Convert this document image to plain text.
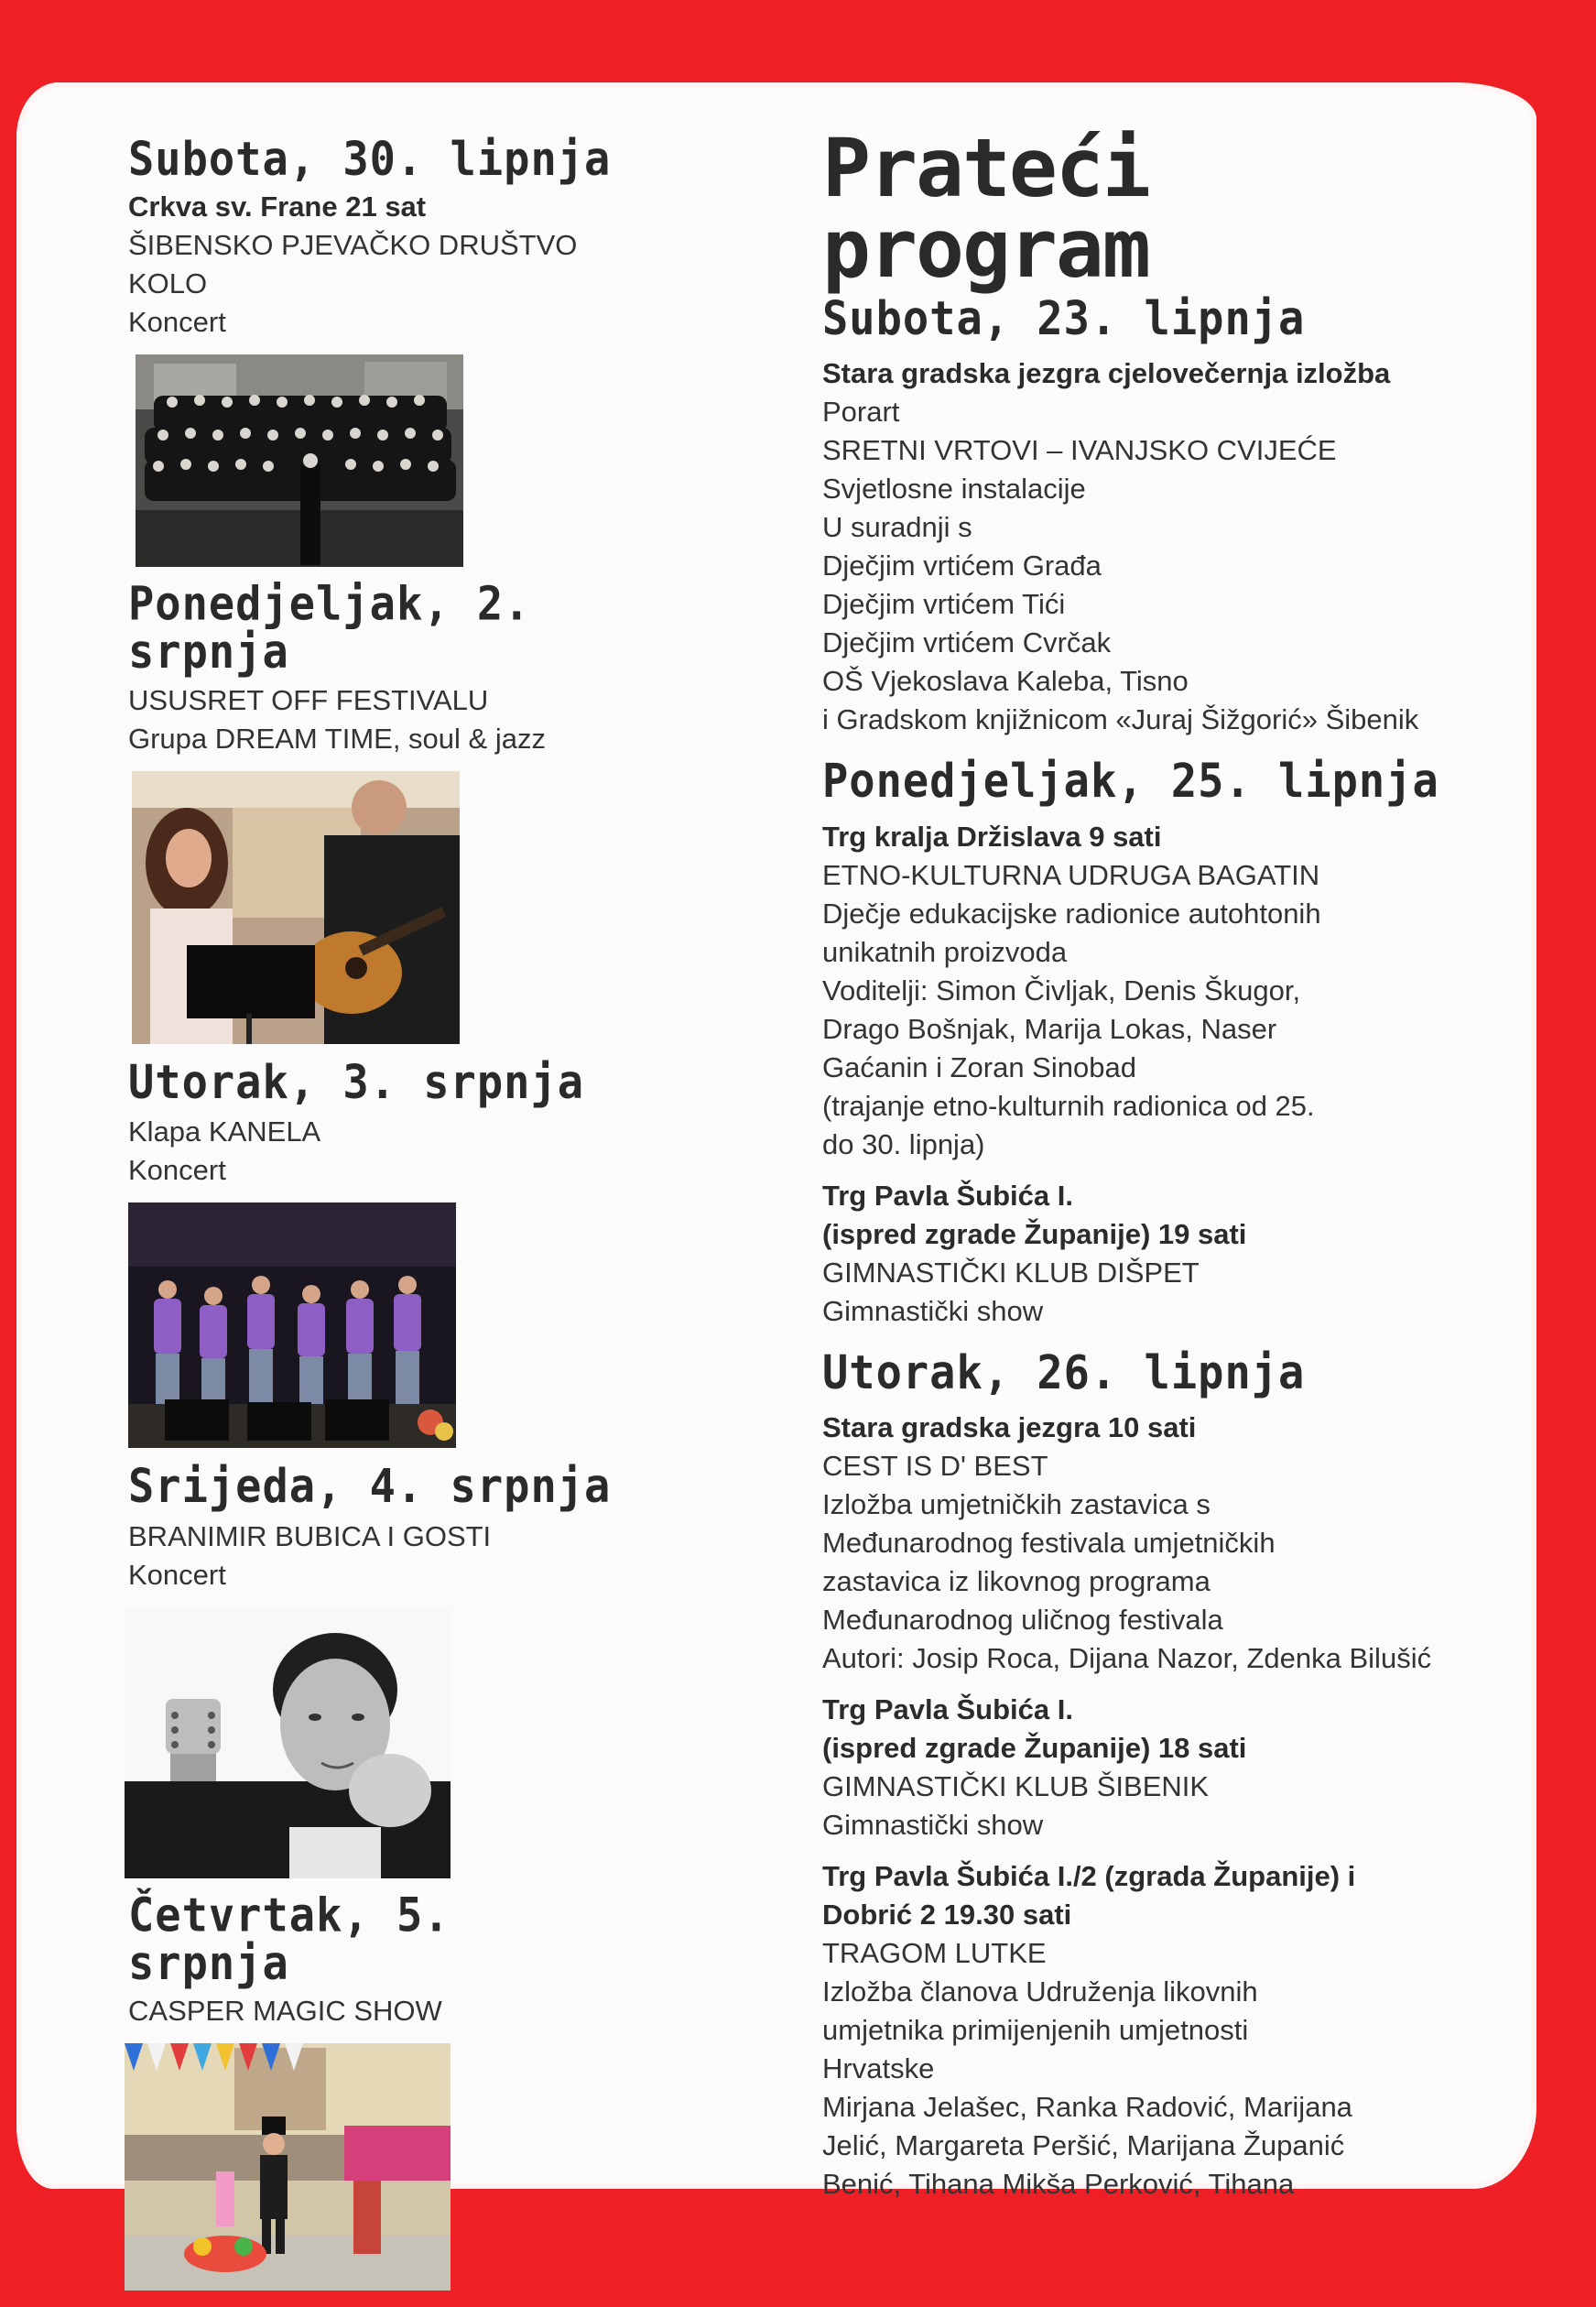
Subota, 30. lipnja

Crkva sv. Frane 21 sat

ŠIBENSKO PJEVAČKO DRUŠTVO KOLO

Koncert

Ponedjeljak, 2. srpnja

USUSRET OFF FESTIVALU

Grupa DREAM TIME, soul & jazz

Utorak, 3. srpnja

Klapa KANELA

Koncert

Srijeda, 4. srpnja

BRANIMIR BUBICA I GOSTI

Koncert

Četvrtak, 5. srpnja

CASPER MAGIC SHOW

Prateći program
Subota, 23. lipnja

Stara gradska jezgra cjelovečernja izložba

Porart

SRETNI VRTOVI – IVANJSKO CVIJEĆE

Svjetlosne instalacije

U suradnji s

Dječjim vrtićem Građa

Dječjim vrtićem Tići

Dječjim vrtićem Cvrčak

OŠ Vjekoslava Kaleba, Tisno

i Gradskom knjižnicom «Juraj Šižgorić» Šibenik

Ponedjeljak, 25. lipnja

Trg kralja Držislava 9 sati

ETNO-KULTURNA UDRUGA BAGATIN

Dječje edukacijske radionice autohtonih

unikatnih proizvoda

Voditelji: Simon Čivljak, Denis Škugor,

Drago Bošnjak, Marija Lokas, Naser

Gaćanin i Zoran Sinobad

(trajanje etno-kulturnih radionica od 25.

do 30. lipnja)

Trg Pavla Šubića I.

(ispred zgrade Županije) 19 sati

GIMNASTIČKI KLUB DIŠPET

Gimnastički show

Utorak, 26. lipnja

Stara gradska jezgra 10 sati

CEST IS D' BEST

Izložba umjetničkih zastavica s

Međunarodnog festivala umjetničkih

zastavica iz likovnog programa

Međunarodnog uličnog festivala

Autori: Josip Roca, Dijana Nazor, Zdenka Bilušić

Trg Pavla Šubića I.

(ispred zgrade Županije) 18 sati

GIMNASTIČKI KLUB ŠIBENIK

Gimnastički show

Trg Pavla Šubića I./2 (zgrada Županije) i

Dobrić 2 19.30 sati

TRAGOM LUTKE

Izložba članova Udruženja likovnih

umjetnika primijenjenih umjetnosti

Hrvatske

Mirjana Jelašec, Ranka Radović, Marijana

Jelić, Margareta Peršić, Marijana Županić

Benić, Tihana Mikša Perković, Tihana
